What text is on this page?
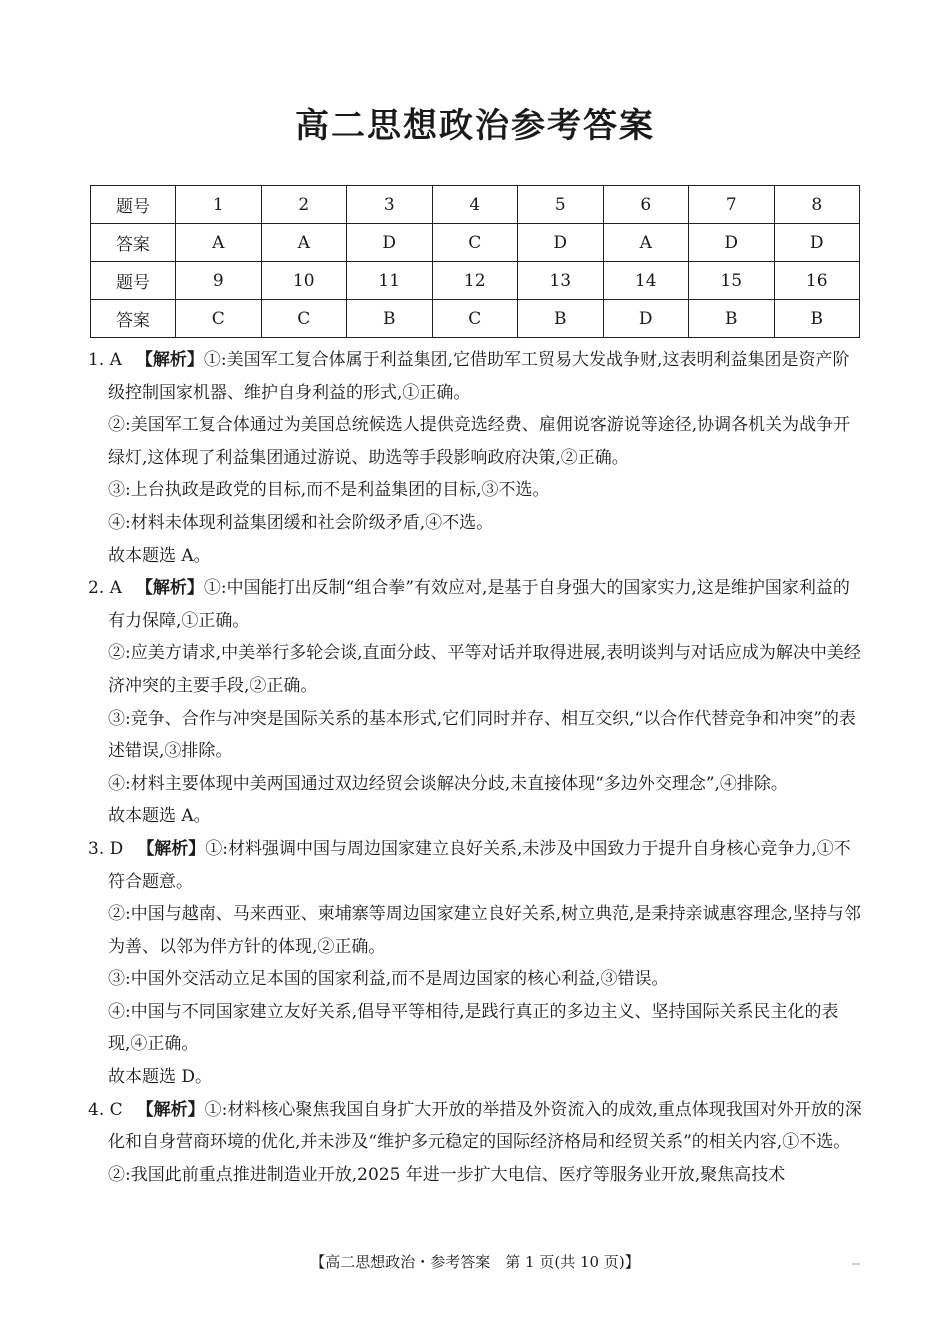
高二思想政治参考答案
题号	1	2	3	4	5	6	7	8
答案	A	A	D	C	D	A	D	D
题号	9	10	11	12	13	14	15	16
答案	C	C	B	C	B	D	B	B

1. A 【解析】①:美国军工复合体属于利益集团,它借助军工贸易大发战争财,这表明利益集团是资产阶级控制国家机器、维护自身利益的形式,①正确。

②:美国军工复合体通过为美国总统候选人提供竞选经费、雇佣说客游说等途径,协调各机关为战争开绿灯,这体现了利益集团通过游说、助选等手段影响政府决策,②正确。

③:上台执政是政党的目标,而不是利益集团的目标,③不选。

④:材料未体现利益集团缓和社会阶级矛盾,④不选。

故本题选 A。

2. A 【解析】①:中国能打出反制“组合拳”有效应对,是基于自身强大的国家实力,这是维护国家利益的有力保障,①正确。

②:应美方请求,中美举行多轮会谈,直面分歧、平等对话并取得进展,表明谈判与对话应成为解决中美经济冲突的主要手段,②正确。

③:竞争、合作与冲突是国际关系的基本形式,它们同时并存、相互交织,“以合作代替竞争和冲突”的表述错误,③排除。

④:材料主要体现中美两国通过双边经贸会谈解决分歧,未直接体现“多边外交理念”,④排除。

故本题选 A。

3. D 【解析】①:材料强调中国与周边国家建立良好关系,未涉及中国致力于提升自身核心竞争力,①不符合题意。

②:中国与越南、马来西亚、柬埔寨等周边国家建立良好关系,树立典范,是秉持亲诚惠容理念,坚持与邻为善、以邻为伴方针的体现,②正确。

③:中国外交活动立足本国的国家利益,而不是周边国家的核心利益,③错误。

④:中国与不同国家建立友好关系,倡导平等相待,是践行真正的多边主义、坚持国际关系民主化的表现,④正确。

故本题选 D。

4. C 【解析】①:材料核心聚焦我国自身扩大开放的举措及外资流入的成效,重点体现我国对外开放的深化和自身营商环境的优化,并未涉及“维护多元稳定的国际经济格局和经贸关系”的相关内容,①不选。

②:我国此前重点推进制造业开放,2025 年进一步扩大电信、医疗等服务业开放,聚焦高技术

【高二思想政治・参考答案　第 1 页(共 10 页)】
